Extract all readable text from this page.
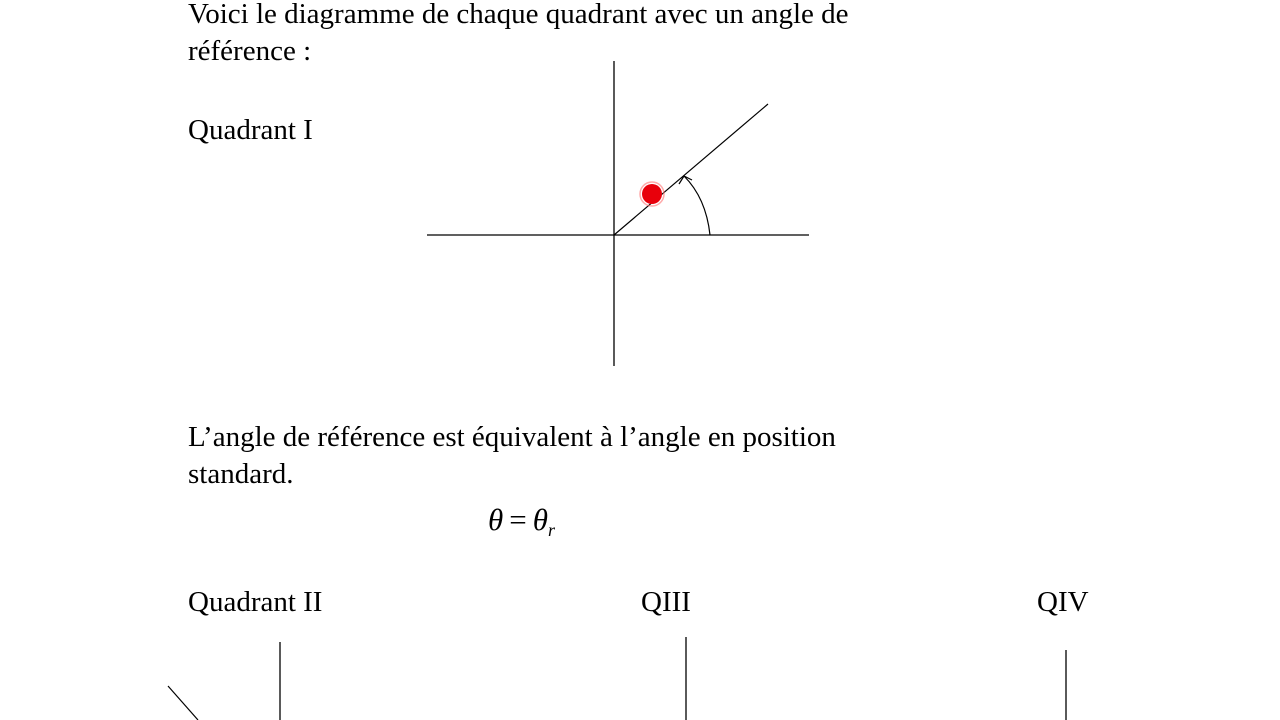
Voici le diagramme de chaque quadrant avec un angle de
référence :

Quadrant I

L’angle de référence est équivalent à l’angle en position
standard.

$\theta = \theta_r$

Quadrant II	QIII	QIV
